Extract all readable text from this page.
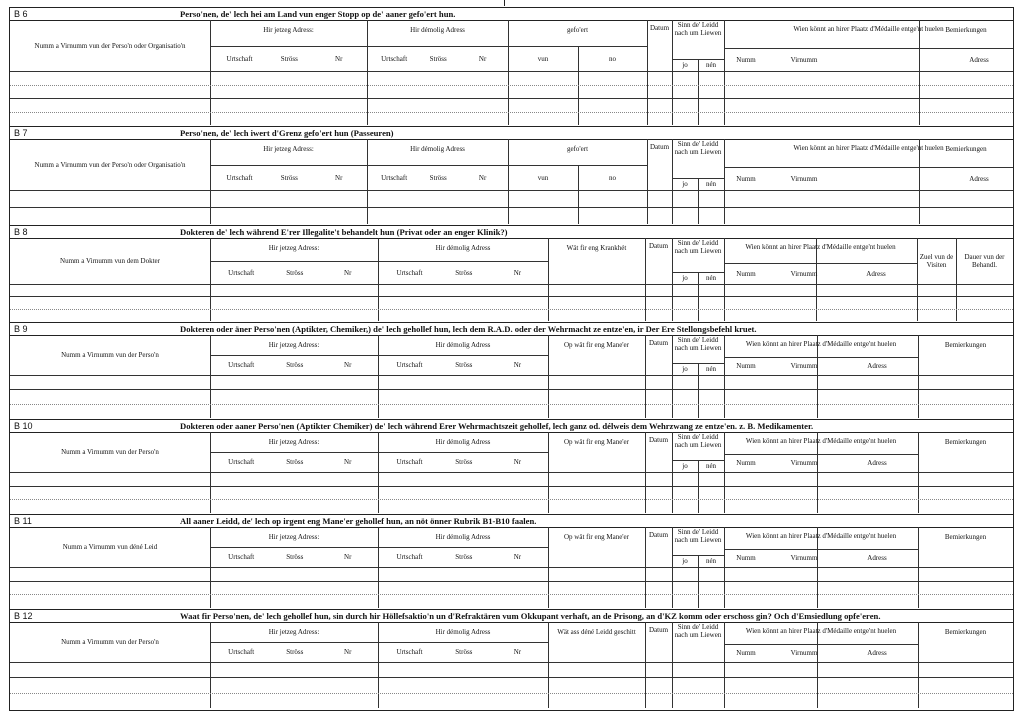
B 6	Perso'nen, de' lech hei am Land vun enger Stopp op de' aaner gefo'ert hun.
Numm a Virnumm vun der Perso'n oder Organisatio'n
Hir jetzeg Adress:	Hir démolig Adress
Urtschaft	Ströss	Nr	Urtschaft	Ströss	Nr
gefo'ert
vun	no
Datum	Sinn de' Leidd nach um Liewen
jo	nén
Wien könnt an hirer Plaatz d'Médaille entge'nt huelen
Numm	Virnumm	Adress
Bemierkungen
B 7	Perso'nen, de' lech iwert d'Grenz gefo'ert hun (Passeuren)
Numm a Virnumm vun der Perso'n oder Organisatio'n
Hir jetzeg Adress:	Hir démolig Adress
Urtschaft	Ströss	Nr	Urtschaft	Ströss	Nr
gefo'ert
vun	no
Datum	Sinn de' Leidd nach um Liewen
jo	nén
Wien könnt an hirer Plaatz d'Médaille entge'nt huelen
Numm	Virnumm	Adress
Bemierkungen
B 8	Dokteren de' lech während E'rer Illegalite't behandelt hun (Privat oder an enger Klinik?)
Numm a Virnumm vun dem Dokter
Hir jetzeg Adress:	Hir démolig Adress
Urtschaft	Ströss	Nr	Urtschaft	Ströss	Nr
Wät fir eng Krankhét	Datum	Sinn de' Leidd nach um Liewen
jo	nén
Wien könnt an hirer Plaatz d'Médaille entge'nt huelen
Numm	Virnumm	Adress
Zuel vun de Visiten
Dauer vun der Behandl.
B 9	Dokteren oder äner Perso'nen (Aptikter, Chemiker,) de' lech gehollef hun, lech dem R.A.D. oder der Wehrmacht ze entze'en, ir Der Ere Stellongsbefehl kruet.
Numm a Virnumm vun der Perso'n
Hir jetzeg Adress:	Hir démolig Adress
Urtschaft	Ströss	Nr	Urtschaft	Ströss	Nr
Op wät fir eng Mane'er	Datum	Sinn de' Leidd nach um Liewen
jo	nén
Wien könnt an hirer Plaatz d'Médaille entge'nt huelen
Numm	Virnumm	Adress
Bemierkungen
B 10	Dokteren oder aaner Perso'nen (Aptikter Chemiker) de' lech während Erer Wehrmachtszeit gehollef, lech ganz od. délweis dem Wehrzwang ze entze'en. z. B. Medikamenter.
Numm a Virnumm vun der Perso'n
Hir jetzeg Adress:	Hir démolig Adress
Urtschaft	Ströss	Nr	Urtschaft	Ströss	Nr
Op wät fir eng Mane'er	Datum	Sinn de' Leidd nach um Liewen
jo	nén
Wien könnt an hirer Plaatz d'Médaille entge'nt huelen
Numm	Virnumm	Adress
Bemierkungen
B 11	All aaner Leidd, de' lech op irgent eng Mane'er gehollef hun, an nöt önner Rubrik B1-B10 faalen.
Numm a Virnumm vun déné Leid
Hir jetzeg Adress:	Hir démolig Adress
Urtschaft	Ströss	Nr	Urtschaft	Ströss	Nr
Op wät fir eng Mane'er	Datum	Sinn de' Leidd nach um Liewen
jo	nén
Wien könnt an hirer Plaatz d'Médaille entge'nt huelen
Numm	Virnumm	Adress
Bemierkungen
B 12	Waat fir Perso'nen, de' lech gehollef hun, sin durch hir Höllefsaktio'n un d'Refraktären vum Okkupant verhaft, an de Prisong, an d'KZ komm oder erschoss gin? Och d'Emsiedlung opfe'eren.
Numm a Virnumm vun der Perso'n
Hir jetzeg Adress:	Hir démolig Adress
Urtschaft	Ströss	Nr	Urtschaft	Ströss	Nr
Wät ass déné Leidd geschitt	Datum	Sinn de' Leidd nach um Liewen	Wien könnt an hirer Plaatz d'Médaille entge'nt huelen
Numm	Virnumm	Adress
Bemierkungen
